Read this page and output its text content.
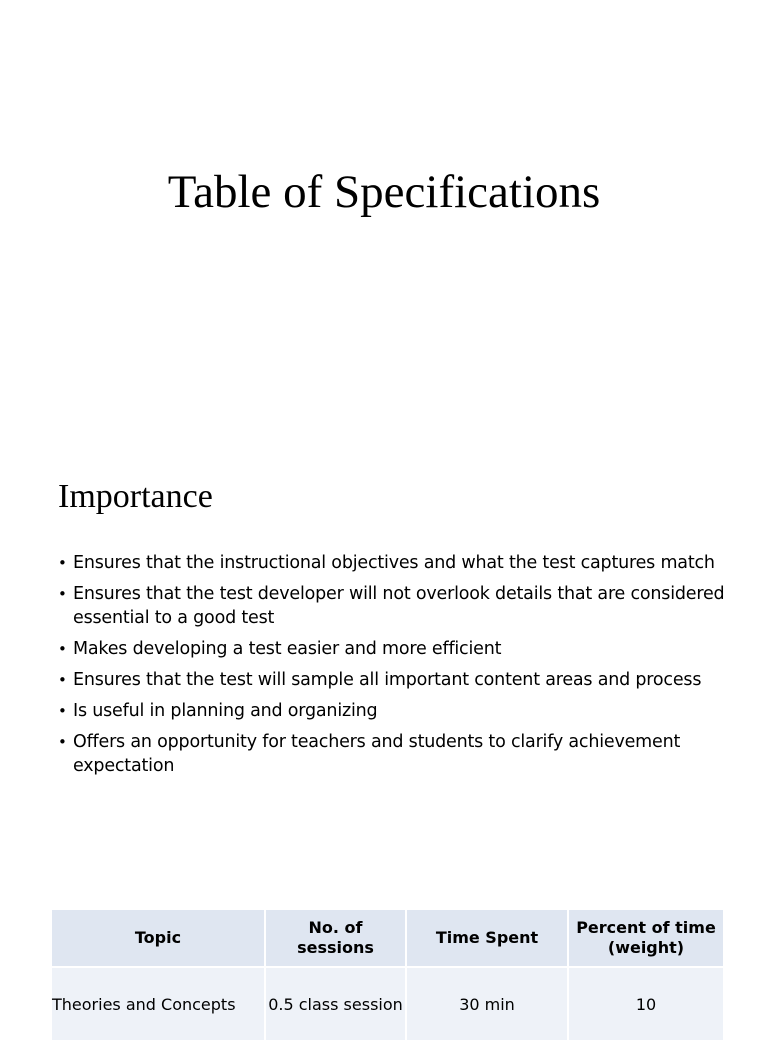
Table of Specifications
Importance
• Ensures that the instructional objectives and what the test captures match
• Ensures that the test developer will not overlook details that are considered essential to a good test
• Makes developing a test easier and more efficient
• Ensures that the test will sample all important content areas and process
• Is useful in planning and organizing
• Offers an opportunity for teachers and students to clarify achievement expectation
Topic	No. of sessions	Time Spent	Percent of time (weight)
Theories and Concepts	0.5 class session	30 min	10
